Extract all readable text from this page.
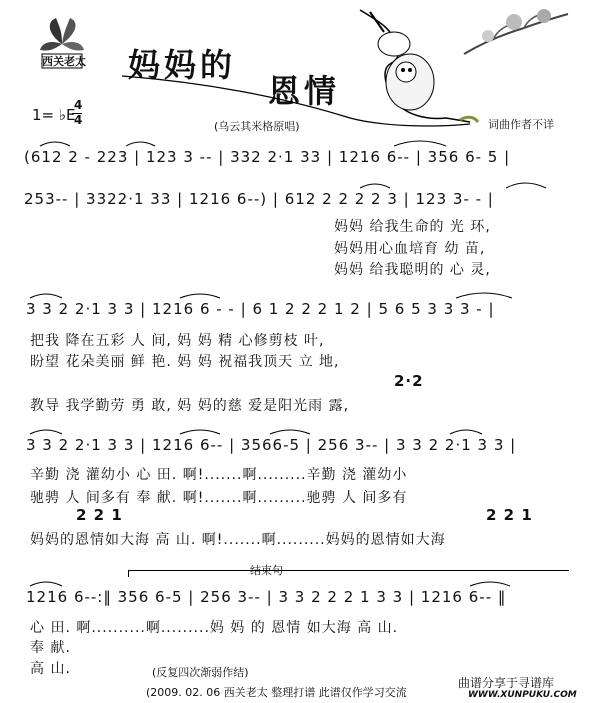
西关老太 妈妈的
恩情
1= ♭E
4
4	(乌云其米格原唱)	词曲作者不详
(612 2 - 223 | 123 3 -- | 332 2·1 33 | 1216 6-- | 356 6- 5 |
253-- | 3322·1 33 | 1216 6--) | 612 2 2 2 2 3 | 123 3- - |
妈妈 给我生命的 光 环,
妈妈用心血培育 幼 苗,
妈妈 给我聪明的 心 灵,
3 3 2 2·1 3 3 | 1216 6 - - | 6 1 2 2 2 1 2 | 5 6 5 3 3 3 - |
把我 降在五彩 人 间, 妈 妈 精 心修剪枝 叶,
盼望 花朵美丽 鲜 艳. 妈 妈 祝福我顶天 立 地,
2·2
教导 我学勤劳 勇 敢, 妈 妈的慈 爱是阳光雨 露,
3 3 2 2·1 3 3 | 1216 6-- | 3566-5 | 256 3-- | 3 3 2 2·1 3 3 |
辛勤 浇 灌幼小 心 田. 啊!.......啊.........辛勤 浇 灌幼小
驰骋 人 间多有 奉 献. 啊!.......啊.........驰骋 人 间多有
2 2 1	2 2 1
妈妈的恩情如大海 高 山. 啊!.......啊.........妈妈的恩情如大海
结束句
1216 6--:‖ 356 6-5 | 256 3-- | 3 3 2 2 2 1 3 3 | 1216 6-- ‖
心 田. 啊..........啊.........妈 妈 的 恩情 如大海 高 山.
奉 献.
高 山.	(反复四次渐弱作结)
(2009. 02. 06 西关老太 整理打谱 此谱仅作学习交流
曲谱分享于寻谱库
WWW.XUNPUKU.COM
